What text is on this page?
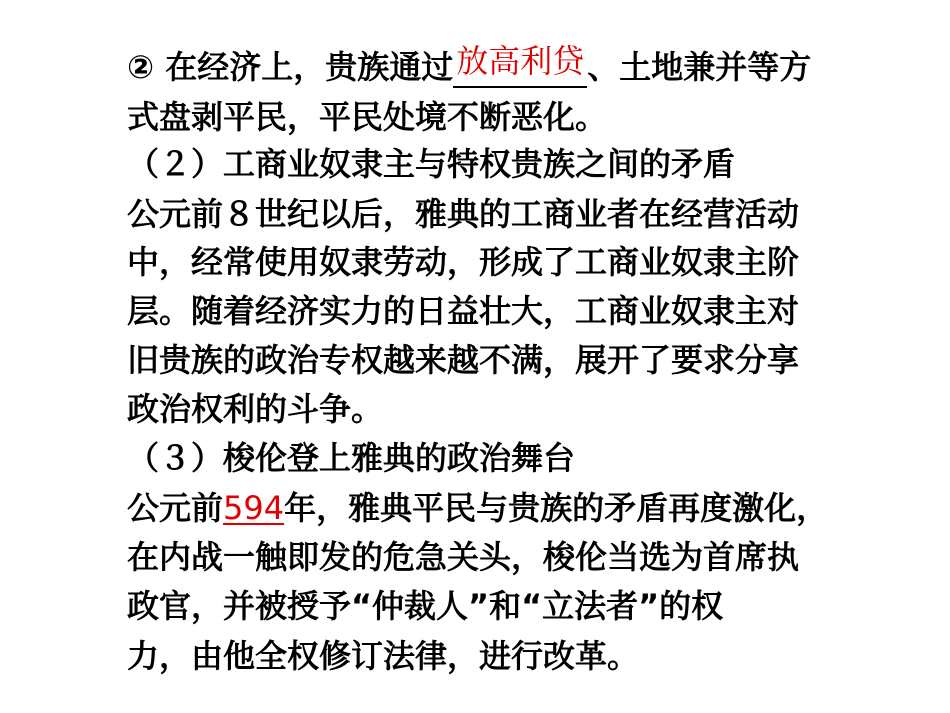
② 在经济上，贵族通过放高利贷、土地兼并等方
式盘剥平民，平民处境不断恶化。
（２）工商业奴隶主与特权贵族之间的矛盾
公元前８世纪以后，雅典的工商业者在经营活动
中，经常使用奴隶劳动，形成了工商业奴隶主阶
层。随着经济实力的日益壮大，工商业奴隶主对
旧贵族的政治专权越来越不满，展开了要求分享
政治权利的斗争。
（３）梭伦登上雅典的政治舞台
公元前594年，雅典平民与贵族的矛盾再度激化，
在内战一触即发的危急关头，梭伦当选为首席执
政官，并被授予“仲裁人”和“立法者”的权
力，由他全权修订法律，进行改革。
